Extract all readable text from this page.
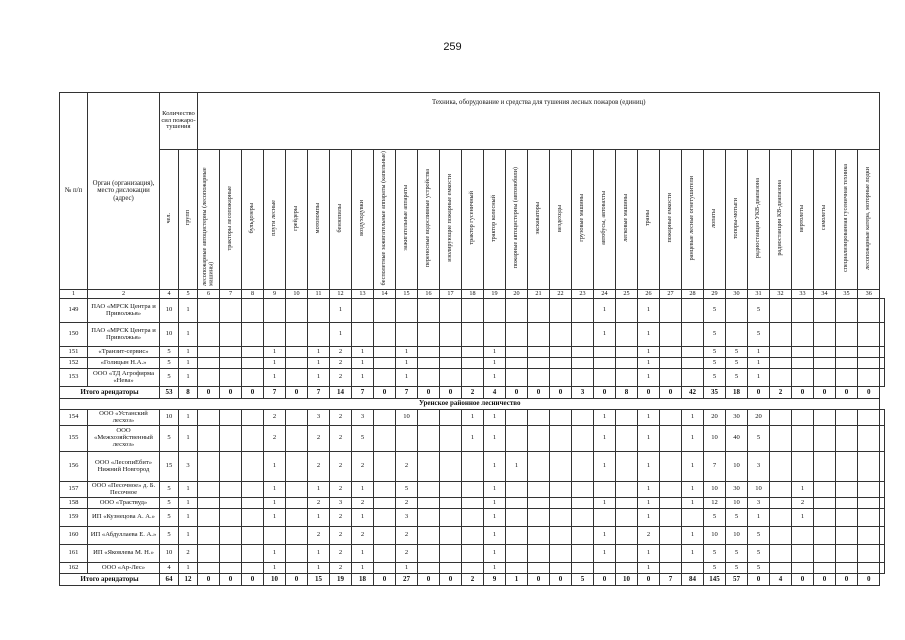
259
№ п/п	Орган (организация), место дислокации (адрес)	Количество сил пожаро-тушения		Техника, оборудование и средства для тушения лесных пожаров (единиц)																															
		чел.	групп	лесопожарные автоцистерны (лесопожарные машины)	тракторы лесопожарные	бульдозеры	плуги лесные	грейдеры	мотопомпы	бензопилы	воздуходувки	бесполетные зажигательные аппараты (капельные)	зажигательные аппараты	переносные водосливные устройства	изолирующие пожарные емкости	трактор гусеничный	трактор колесный	пожарные автоцистерны (автомобили)	экскаваторы	вездеходы	грузовые машины	автобусы, автовахты	легковые машины	траны	пожарные емкости	ранцевые лесные огнетушители	лопаты	топоры-мотыги	радиостанции УКВ-диапазона	радиостанции КВ-диапазона	вертолеты	самолеты	специализированная гусеничная техника	лесопожарные катера, моторные лодки	
1	2	4	5	6	7	8	9	10	11	12	13	14	15	16	17	18	19	20	21	22	23	24	25	26	27	28	29	30	31	32	33	34	35	36	
149	ПАО «МРСК Центра и Приволжья»	10	1							1												1		1			5		5						
150	ПАО «МРСК Центра и Приволжья»	10	1							1												1		1			5		5						
151	«Транзит-сервис»	5	1				1		1	2	1		1				1							1			5	5	1						
152	«Голицын Н.А.»	5	1				1		1	2	1		1				1							1			5	5	1						
153	ООО «ТД Агрофирма «Нева»	5	1				1		1	2	1		1				1							1			5	5	1						
Итого арендаторы		53	8	0	0	0	7	0	7	14	7	0	7	0	0	2	4	0	0	0	3	0	8	0	0	42	35	18	0	2	0	0	0	0	
Уренское районное лесничество																																			
154	ООО «Устанский лесхоз»	10	1				2		3	2	3		10			1	1					1		1		1	20	30	20						
155	ООО «Межхозяйственный лесхоз»	5	1				2		2	2	5					1	1					1		1		1	10	40	5						
156	ООО «ЛесопиЕбит» Нижний Новгород	15	3				1		2	2	2		2				1	1				1		1		1	7	10	3						
157	ООО «Песочное» д. Б. Песочное	5	1				1		1	2	1		5				1							1		1	10	30	10		1				
158	ООО «Траствуд»	5	1				1		2	3	2		2				1					1		1		1	12	10	3		2				
159	ИП «Кузнецова А. А.»	5	1				1		1	2	1		3				1							1			5	5	1		1				
160	ИП «Абдуллаева Е. А.»	5	1						2	2	2		2				1					1		2		1	10	10	5						
161	ИП «Яковлева М. Н.»	10	2				1		1	2	1		2				1					1		1		1	5	5	5						
162	ООО «Ар-Лес»	4	1				1		1	2	1		1				1							1			5	5	5						
Итого арендаторы		64	12	0	0	0	10	0	15	19	18	0	27	0	0	2	9	1	0	0	5	0	10	0	7	84	145	57	0	4	0	0	0	0	
